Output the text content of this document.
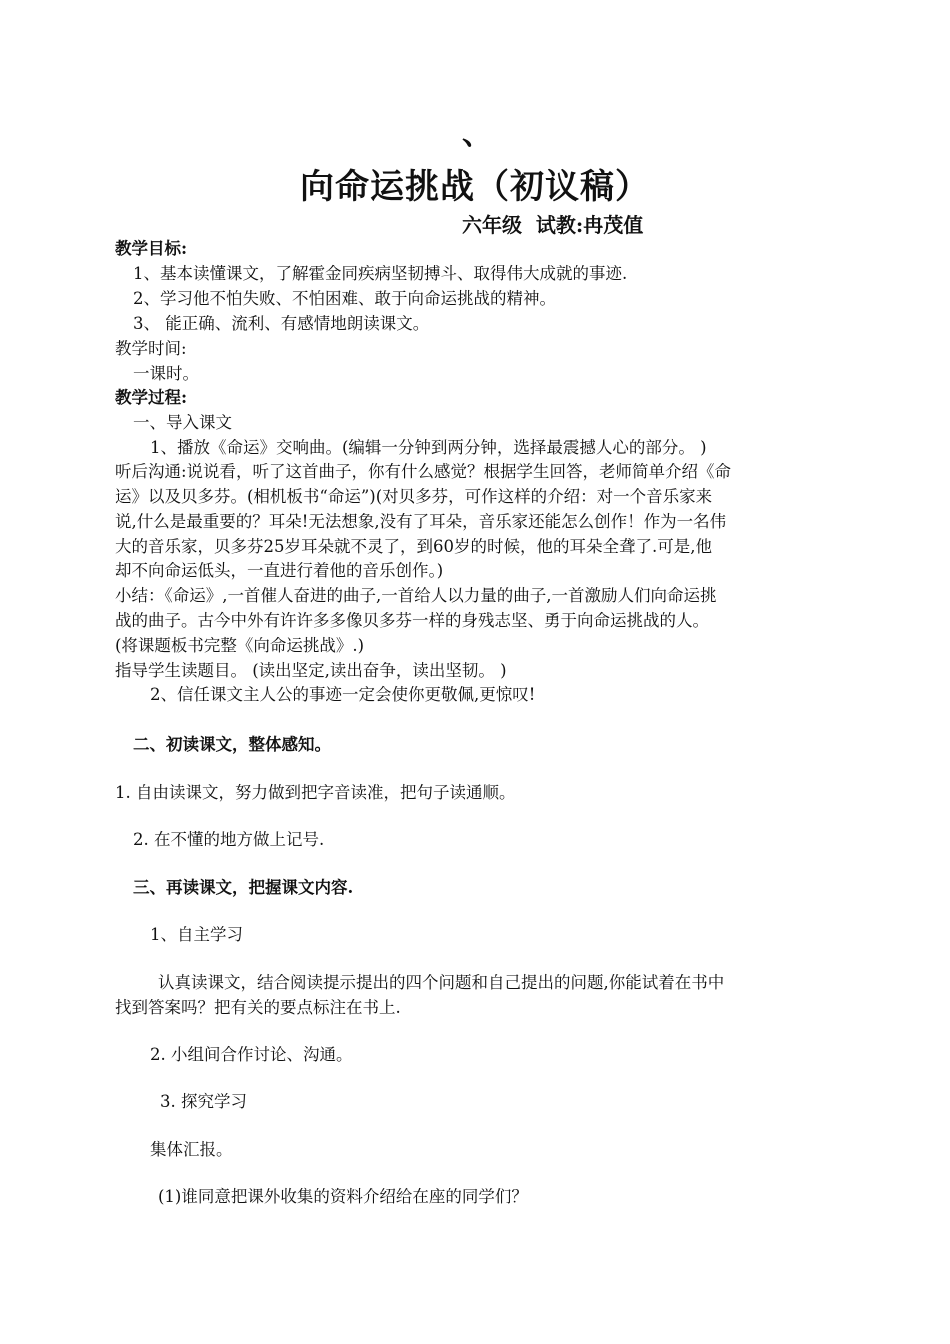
、
向命运挑战（初议稿）
六年级  试教:冉茂值
教学目标:
1、基本读懂课文，了解霍金同疾病坚韧搏斗、取得伟大成就的事迹.
2、学习他不怕失败、不怕困难、敢于向命运挑战的精神。
3、 能正确、流利、有感情地朗读课文。
教学时间:
一课时。
教学过程:
一、导入课文
1、播放《命运》交响曲。(编辑一分钟到两分钟，选择最震撼人心的部分。 )
听后沟通:说说看，听了这首曲子，你有什么感觉？根据学生回答，老师简单介绍《命
运》以及贝多芬。(相机板书“命运”)(对贝多芬，可作这样的介绍：对一个音乐家来
说,什么是最重要的？耳朵!无法想象,没有了耳朵，音乐家还能怎么创作！作为一名伟
大的音乐家，贝多芬25岁耳朵就不灵了，到60岁的时候，他的耳朵全聋了.可是,他
却不向命运低头，一直进行着他的音乐创作。)
小结：《命运》,一首催人奋进的曲子,一首给人以力量的曲子,一首激励人们向命运挑
战的曲子。古今中外有许许多多像贝多芬一样的身残志坚、勇于向命运挑战的人。
(将课题板书完整《向命运挑战》.)
指导学生读题目。 (读出坚定,读出奋争，读出坚韧。 )
2、信任课文主人公的事迹一定会使你更敬佩,更惊叹!
二、初读课文，整体感知。
1. 自由读课文，努力做到把字音读准，把句子读通顺。
2. 在不懂的地方做上记号.
三、再读课文，把握课文内容.
1、自主学习
认真读课文，结合阅读提示提出的四个问题和自己提出的问题,你能试着在书中
找到答案吗？把有关的要点标注在书上.
2. 小组间合作讨论、沟通。
3. 探究学习
集体汇报。
(1)谁同意把课外收集的资料介绍给在座的同学们？
